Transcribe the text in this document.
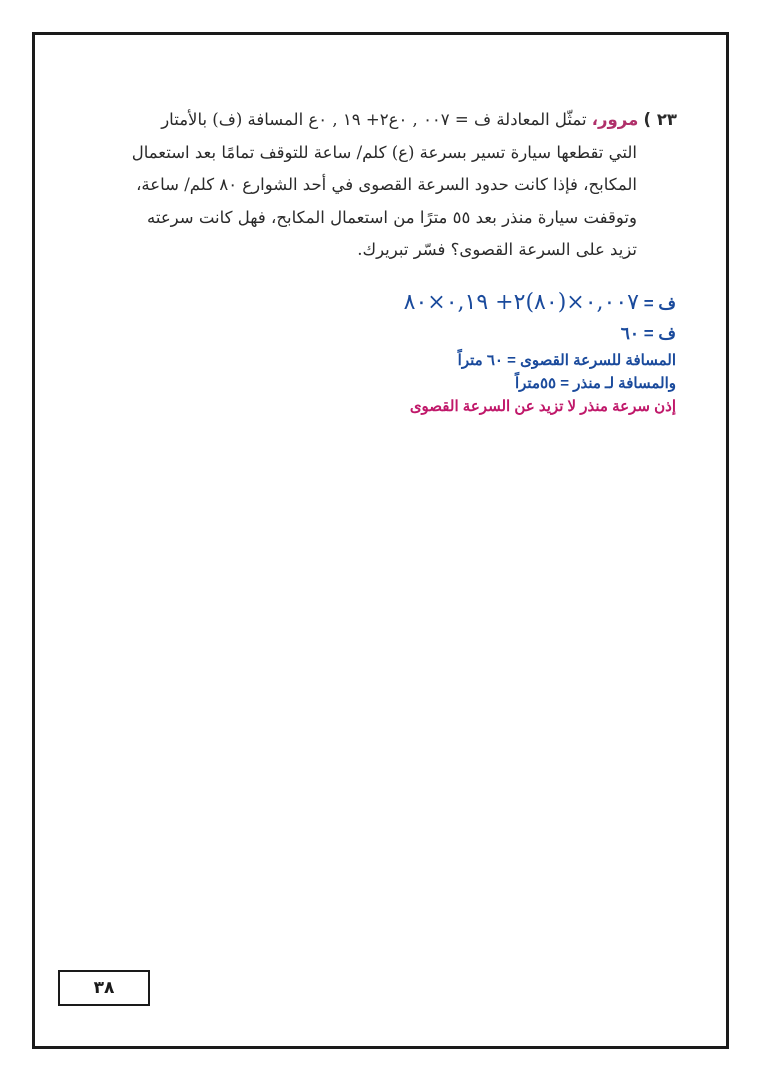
٢٣ ) مرور، تمثّل المعادلة ف = ٠٠٧ , ٠ع٢+ ١٩ , ٠ع المسافة (ف) بالأمتار
التي تقطعها سيارة تسير بسرعة (ع) كلم/ ساعة للتوقف تمامًا بعد استعمال
المكابح، فإذا كانت حدود السرعة القصوى في أحد الشوارع ٨٠ كلم/ ساعة،
وتوقفت سيارة منذر بعد ٥٥ مترًا من استعمال المكابح، فهل كانت سرعته
تزيد على السرعة القصوى؟ فسّر تبريرك.
ف = ٠,٠٠٧×(٨٠)٢+ ٠,١٩×٨٠
ف = ٦٠
المسافة للسرعة القصوى = ٦٠ متراً
والمسافة لـ منذر = ٥٥متراً
إذن سرعة منذر لا تزيد عن السرعة القصوى
٣٨
